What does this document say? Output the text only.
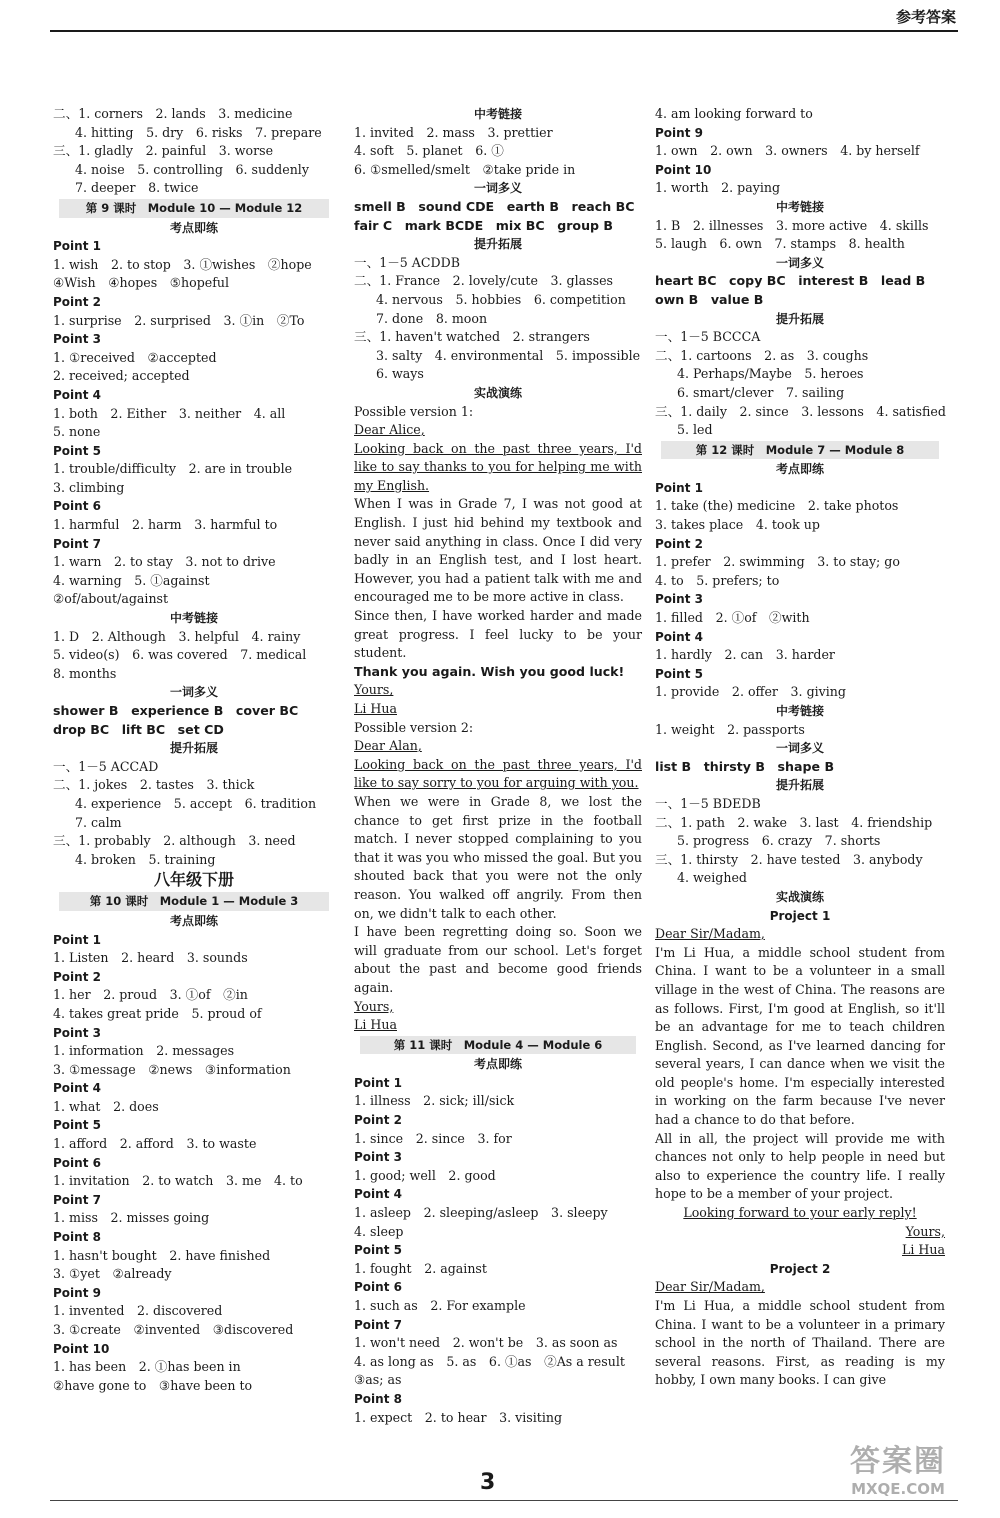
参考答案
二、1. corners　2. lands　3. medicine
4. hitting　5. dry　6. risks　7. prepare
三、1. gladly　2. painful　3. worse
4. noise　5. controlling　6. suddenly
7. deeper　8. twice
第 9 课时　Module 10 — Module 12
考点即练
Point 1
1. wish　2. to stop　3. ①wishes　②hope
④Wish　④hopes　⑤hopeful
Point 2
1. surprise　2. surprised　3. ①in　②To
Point 3
1. ①received　②accepted
2. received; accepted
Point 4
1. both　2. Either　3. neither　4. all
5. none
Point 5
1. trouble/difficulty　2. are in trouble
3. climbing
Point 6
1. harmful　2. harm　3. harmful to
Point 7
1. warn　2. to stay　3. not to drive
4. warning　5. ①against
②of/about/against
中考链接
1. D　2. Although　3. helpful　4. rainy
5. video(s)　6. was covered　7. medical
8. months
一词多义
shower B　experience B　cover BC
drop BC　lift BC　set CD
提升拓展
一、1－5 ACCAD
二、1. jokes　2. tastes　3. thick
4. experience　5. accept　6. tradition
7. calm
三、1. probably　2. although　3. need
4. broken　5. training
八年级下册
第 10 课时　Module 1 — Module 3
考点即练
Point 1
1. Listen　2. heard　3. sounds
Point 2
1. her　2. proud　3. ①of　②in
4. takes great pride　5. proud of
Point 3
1. information　2. messages
3. ①message　②news　③information
Point 4
1. what　2. does
Point 5
1. afford　2. afford　3. to waste
Point 6
1. invitation　2. to watch　3. me　4. to
Point 7
1. miss　2. misses going
Point 8
1. hasn't bought　2. have finished
3. ①yet　②already
Point 9
1. invented　2. discovered
3. ①create　②invented　③discovered
Point 10
1. has been　2. ①has been in
②have gone to　③have been to
中考链接
1. invited　2. mass　3. prettier
4. soft　5. planet　6. ①
6. ①smelled/smelt　②take pride in
一词多义
smell B　sound CDE　earth B　reach BC
fair C　mark BCDE　mix BC　group B
提升拓展
一、1－5 ACDDB
二、1. France　2. lovely/cute　3. glasses
4. nervous　5. hobbies　6. competition
7. done　8. moon
三、1. haven't watched　2. strangers
3. salty　4. environmental　5. impossible
6. ways
实战演练
Possible version 1:
Dear Alice,
Looking back on the past three years, I'd like to say thanks to you for helping me with my English.
When I was in Grade 7, I was not good at English. I just hid behind my textbook and never said anything in class. Once I did very badly in an English test, and I lost heart. However, you had a patient talk with me and encouraged me to be more active in class.
Since then, I have worked harder and made great progress. I feel lucky to be your student.
Thank you again. Wish you good luck!
Yours,
Li Hua
Possible version 2:
Dear Alan,
Looking back on the past three years, I'd like to say sorry to you for arguing with you.
When we were in Grade 8, we lost the chance to get first prize in the football match. I never stopped complaining to you that it was you who missed the goal. But you shouted back that you were not the only reason. You walked off angrily. From then on, we didn't talk to each other.
I have been regretting doing so. Soon we will graduate from our school. Let's forget about the past and become good friends again.
Yours,
Li Hua
第 11 课时　Module 4 — Module 6
考点即练
Point 1
1. illness　2. sick; ill/sick
Point 2
1. since　2. since　3. for
Point 3
1. good; well　2. good
Point 4
1. asleep　2. sleeping/asleep　3. sleepy
4. sleep
Point 5
1. fought　2. against
Point 6
1. such as　2. For example
Point 7
1. won't need　2. won't be　3. as soon as
4. as long as　5. as　6. ①as　②As a result
③as; as
Point 8
1. expect　2. to hear　3. visiting
4. am looking forward to
Point 9
1. own　2. own　3. owners　4. by herself
Point 10
1. worth　2. paying
中考链接
1. B　2. illnesses　3. more active　4. skills
5. laugh　6. own　7. stamps　8. health
一词多义
heart BC　copy BC　interest B　lead B
own B　value B
提升拓展
一、1－5 BCCCA
二、1. cartoons　2. as　3. coughs
4. Perhaps/Maybe　5. heroes
6. smart/clever　7. sailing
三、1. daily　2. since　3. lessons　4. satisfied
5. led
第 12 课时　Module 7 — Module 8
考点即练
Point 1
1. take (the) medicine　2. take photos
3. takes place　4. took up
Point 2
1. prefer　2. swimming　3. to stay; go
4. to　5. prefers; to
Point 3
1. filled　2. ①of　②with
Point 4
1. hardly　2. can　3. harder
Point 5
1. provide　2. offer　3. giving
中考链接
1. weight　2. passports
一词多义
list B　thirsty B　shape B
提升拓展
一、1－5 BDEDB
二、1. path　2. wake　3. last　4. friendship
5. progress　6. crazy　7. shorts
三、1. thirsty　2. have tested　3. anybody
4. weighed
实战演练
Project 1
Dear Sir/Madam,
I'm Li Hua, a middle school student from China. I want to be a volunteer in a small village in the west of China. The reasons are as follows. First, I'm good at English, so it'll be an advantage for me to teach children English. Second, as I've learned dancing for several years, I can dance when we visit the old people's home. I'm especially interested in working on the farm because I've never had a chance to do that before.
All in all, the project will provide me with chances not only to help people in need but also to experience the country life. I really hope to be a member of your project.
Looking forward to your early reply!
Yours,
Li Hua
Project 2
Dear Sir/Madam,
I'm Li Hua, a middle school student from China. I want to be a volunteer in a primary school in the north of Thailand. There are several reasons. First, as reading is my hobby, I own many books. I can give
3
答案圈
MXQE.COM
